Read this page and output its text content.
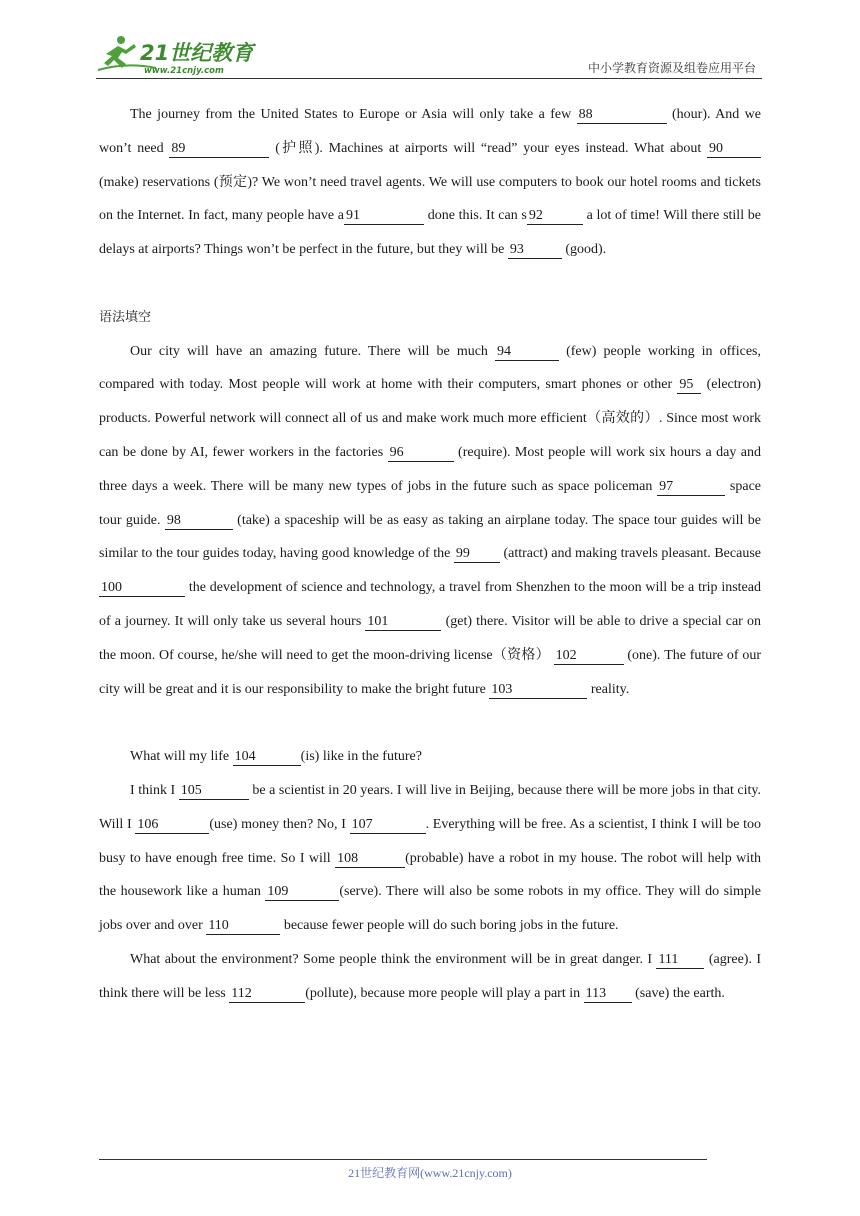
21世纪教育
www.21cnjy.com	中小学教育资源及组卷应用平台

The journey from the United States to Europe or Asia will only take a few 88	(hour). And we won’t need 89	(护照). Machines at airports will “read” your eyes instead. What about 90 (make) reservations (预定)? We won’t need travel agents. We will use computers to book our hotel rooms and tickets on the Internet. In fact, many people have a 91	done this. It can s 92	a lot of time! Will there still be delays at airports? Things won’t be perfect in the future, but they will be 93	(good).

语法填空

Our city will have an amazing future. There will be much 94	(few) people working in offices, compared with today. Most people will work at home with their computers, smart phones or other 95 (electron) products. Powerful network will connect all of us and make work much more efficient（高效的）. Since most work can be done by AI, fewer workers in the factories 96	(require). Most people will work six hours a day and three days a week. There will be many new types of jobs in the future such as space policeman 97	space tour guide. 98	(take) a spaceship will be as easy as taking an airplane today. The space tour guides will be similar to the tour guides today, having good knowledge of the 99 (attract) and making travels pleasant. Because 100	the development of science and technology, a travel from Shenzhen to the moon will be a trip instead of a journey. It will only take us several hours 101	(get) there. Visitor will be able to drive a special car on the moon. Of course, he/she will need to get the moon-driving license（资格） 102	(one). The future of our city will be great and it is our responsibility to make the bright future 103	reality.

What will my life 104	(is) like in the future?

I think I 105	be a scientist in 20 years. I will live in Beijing, because there will be more jobs in that city. Will I 106	(use) money then? No, I 107	. Everything will be free. As a scientist, I think I will be too busy to have enough free time. So I will 108	(probable) have a robot in my house. The robot will help with the housework like a human 109	(serve). There will also be some robots in my office. They will do simple jobs over and over 110	because fewer people will do such boring jobs in the future.

What about the environment? Some people think the environment will be in great danger. I 111 (agree). I think there will be less 112	(pollute), because more people will play a part in 113 (save) the earth.

21世纪教育网(www.21cnjy.com)
